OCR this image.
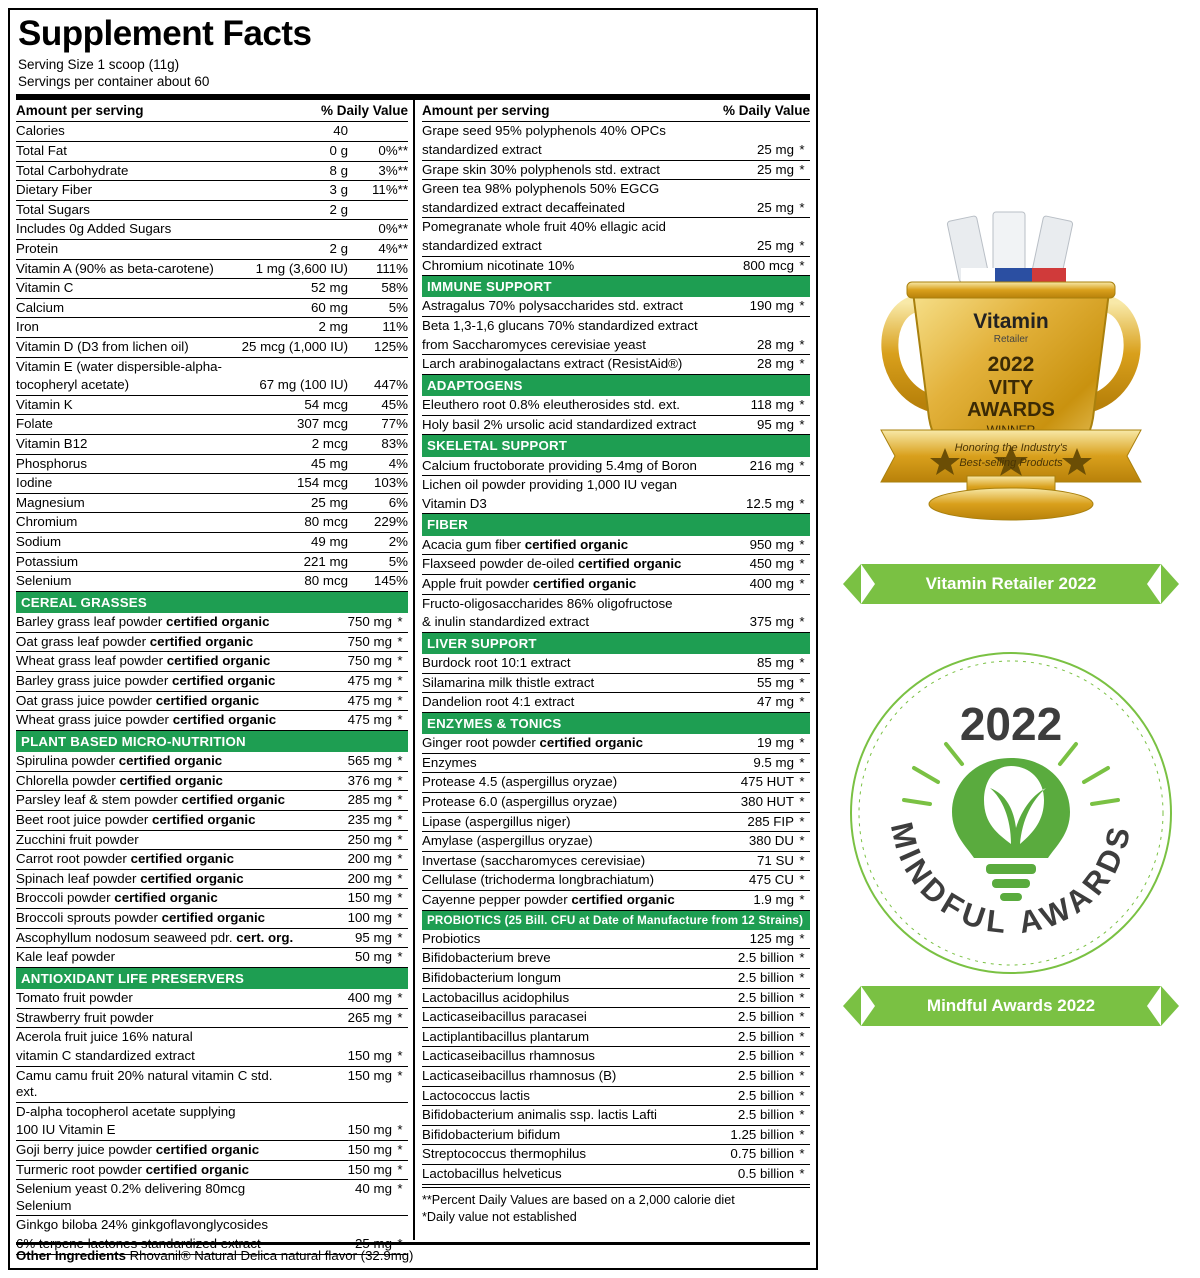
Supplement Facts
Serving Size 1 scoop (11g)
Servings per container about 60
Amount per serving	% Daily Value
Calories	40	
Total Fat	0 g	0%**
Total Carbohydrate	8 g	3%**
Dietary Fiber	3 g	11%**
Total Sugars	2 g	
Includes 0g Added Sugars		0%**
Protein	2 g	4%**
Vitamin A (90% as beta-carotene)	1 mg (3,600 IU)	111%
Vitamin C	52 mg	58%
Calcium	60 mg	5%
Iron	2 mg	11%
Vitamin D (D3 from lichen oil)	25 mcg (1,000 IU)	125%
Vitamin E (water dispersible-alpha-		
tocopheryl acetate)	67 mg (100 IU)	447%
Vitamin K	54 mcg	45%
Folate	307 mcg	77%
Vitamin B12	2 mcg	83%
Phosphorus	45 mg	4%
Iodine	154 mcg	103%
Magnesium	25 mg	6%
Chromium	80 mcg	229%
Sodium	49 mg	2%
Potassium	221 mg	5%
Selenium	80 mcg	145%
CEREAL GRASSES
Barley grass leaf powder certified organic	750 mg	*
Oat grass leaf powder certified organic	750 mg	*
Wheat grass leaf powder certified organic	750 mg	*
Barley grass juice powder certified organic	475 mg	*
Oat grass juice powder certified organic	475 mg	*
Wheat grass juice powder certified organic	475 mg	*
PLANT BASED MICRO-NUTRITION
Spirulina powder certified organic	565 mg	*
Chlorella powder certified organic	376 mg	*
Parsley leaf & stem powder certified organic	285 mg	*
Beet root juice powder certified organic	235 mg	*
Zucchini fruit powder	250 mg	*
Carrot root powder certified organic	200 mg	*
Spinach leaf powder certified organic	200 mg	*
Broccoli powder certified organic	150 mg	*
Broccoli sprouts powder certified organic	100 mg	*
Ascophyllum nodosum seaweed pdr. cert. org.	95 mg	*
Kale leaf powder	50 mg	*
ANTIOXIDANT LIFE PRESERVERS
Tomato fruit powder	400 mg	*
Strawberry fruit powder	265 mg	*
Acerola fruit juice 16% natural		
vitamin C standardized extract	150 mg	*
Camu camu fruit 20% natural vitamin C std. ext.	150 mg	*
D-alpha tocopherol acetate supplying		
100 IU Vitamin E	150 mg	*
Goji berry juice powder certified organic	150 mg	*
Turmeric root powder certified organic	150 mg	*
Selenium yeast 0.2% delivering 80mcg Selenium	40 mg	*
Ginkgo biloba 24% ginkgoflavonglycosides		
6% terpene lactones standardized extract	25 mg	*
Amount per serving	% Daily Value
Grape seed 95% polyphenols 40% OPCs		
standardized extract	25 mg	*
Grape skin 30% polyphenols std. extract	25 mg	*
Green tea 98% polyphenols 50% EGCG		
standardized extract decaffeinated	25 mg	*
Pomegranate whole fruit 40% ellagic acid		
standardized extract	25 mg	*
Chromium nicotinate 10%	800 mcg	*
IMMUNE SUPPORT
Astragalus 70% polysaccharides std. extract	190 mg	*
Beta 1,3-1,6 glucans 70% standardized extract		
from Saccharomyces cerevisiae yeast	28 mg	*
Larch arabinogalactans extract (ResistAid®)	28 mg	*
ADAPTOGENS
Eleuthero root 0.8% eleutherosides std. ext.	118 mg	*
Holy basil 2% ursolic acid standardized extract	95 mg	*
SKELETAL SUPPORT
Calcium fructoborate providing 5.4mg of Boron	216 mg	*
Lichen oil powder providing 1,000 IU vegan		
Vitamin D3	12.5 mg	*
FIBER
Acacia gum fiber certified organic	950 mg	*
Flaxseed powder de-oiled certified organic	450 mg	*
Apple fruit powder certified organic	400 mg	*
Fructo-oligosaccharides 86% oligofructose		
& inulin standardized extract	375 mg	*
LIVER SUPPORT
Burdock root 10:1 extract	85 mg	*
Silamarina milk thistle extract	55 mg	*
Dandelion root 4:1 extract	47 mg	*
ENZYMES & TONICS
Ginger root powder certified organic	19 mg	*
Enzymes	9.5 mg	*
Protease 4.5 (aspergillus oryzae)	475 HUT	*
Protease 6.0 (aspergillus oryzae)	380 HUT	*
Lipase (aspergillus niger)	285 FIP	*
Amylase (aspergillus oryzae)	380 DU	*
Invertase (saccharomyces cerevisiae)	71 SU	*
Cellulase (trichoderma longbrachiatum)	475 CU	*
Cayenne pepper powder certified organic	1.9 mg	*
PROBIOTICS (25 Bill. CFU at Date of Manufacture from 12 Strains)
Probiotics	125 mg	*
Bifidobacterium breve	2.5 billion	*
Bifidobacterium longum	2.5 billion	*
Lactobacillus acidophilus	2.5 billion	*
Lacticaseibacillus paracasei	2.5 billion	*
Lactiplantibacillus plantarum	2.5 billion	*
Lacticaseibacillus rhamnosus	2.5 billion	*
Lacticaseibacillus rhamnosus (B)	2.5 billion	*
Lactococcus lactis	2.5 billion	*
Bifidobacterium animalis ssp. lactis Lafti	2.5 billion	*
Bifidobacterium bifidum	1.25 billion	*
Streptococcus thermophilus	0.75 billion	*
Lactobacillus helveticus	0.5 billion	*
**Percent Daily Values are based on a 2,000 calorie diet
*Daily value not established
Other Ingredients Rhovanil® Natural Delica natural flavor (32.9mg)
Vitamin
Retailer
2022
VITY
AWARDS
Honoring the Industry's
Best-selling Products
Vitamin Retailer 2022
2022
MINDFUL AWARDS
Mindful Awards 2022
